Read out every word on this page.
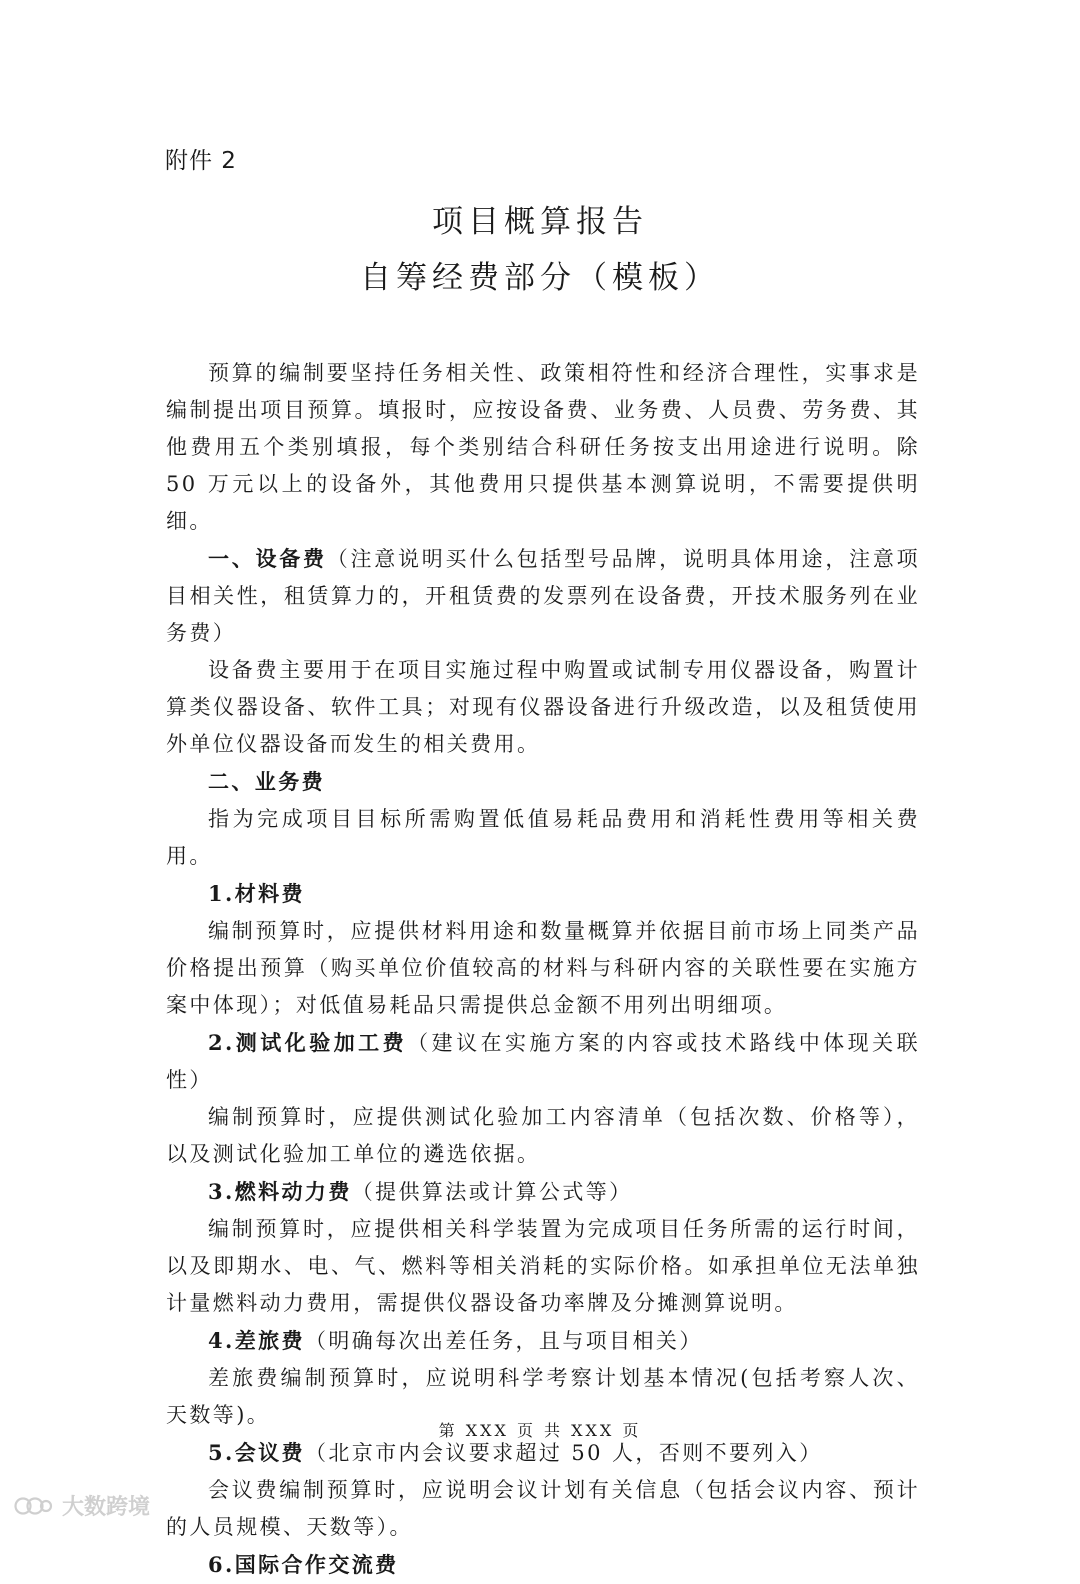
附件 2
项目概算报告
自筹经费部分（模板）

预算的编制要坚持任务相关性、政策相符性和经济合理性，实事求是编制提出项目预算。填报时，应按设备费、业务费、人员费、劳务费、其他费用五个类别填报，每个类别结合科研任务按支出用途进行说明。除 50 万元以上的设备外，其他费用只提供基本测算说明，不需要提供明细。

一、设备费（注意说明买什么包括型号品牌，说明具体用途，注意项目相关性，租赁算力的，开租赁费的发票列在设备费，开技术服务列在业务费）

设备费主要用于在项目实施过程中购置或试制专用仪器设备，购置计算类仪器设备、软件工具；对现有仪器设备进行升级改造，以及租赁使用外单位仪器设备而发生的相关费用。

二、业务费

指为完成项目目标所需购置低值易耗品费用和消耗性费用等相关费用。

1.材料费

编制预算时，应提供材料用途和数量概算并依据目前市场上同类产品价格提出预算（购买单位价值较高的材料与科研内容的关联性要在实施方案中体现）；对低值易耗品只需提供总金额不用列出明细项。

2.测试化验加工费（建议在实施方案的内容或技术路线中体现关联性）

编制预算时，应提供测试化验加工内容清单（包括次数、价格等），以及测试化验加工单位的遴选依据。

3.燃料动力费（提供算法或计算公式等）

编制预算时，应提供相关科学装置为完成项目任务所需的运行时间，以及即期水、电、气、燃料等相关消耗的实际价格。如承担单位无法单独计量燃料动力费用，需提供仪器设备功率牌及分摊测算说明。

4.差旅费（明确每次出差任务，且与项目相关）

差旅费编制预算时，应说明科学考察计划基本情况(包括考察人次、天数等)。

5.会议费（北京市内会议要求超过 50 人，否则不要列入）

会议费编制预算时，应说明会议计划有关信息（包括会议内容、预计的人员规模、天数等）。

6.国际合作交流费

第 XXX 页 共 XXX 页
大数跨境
